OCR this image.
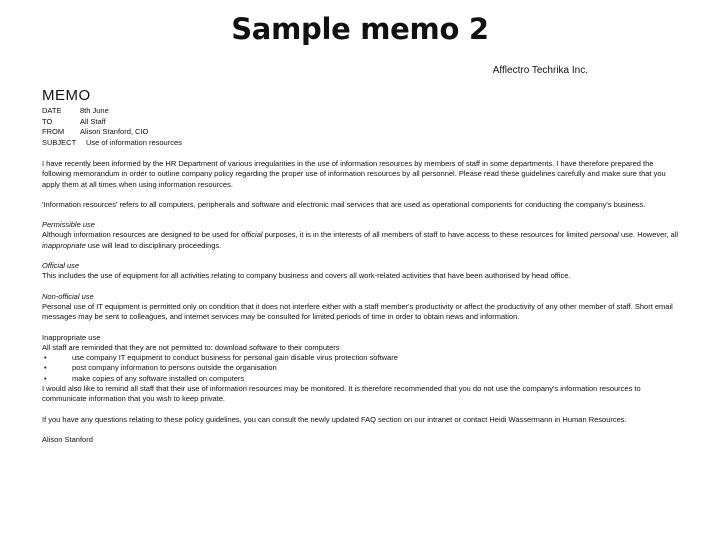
Sample memo 2
Afflectro Techrika Inc.
MEMO
DATE	8th June
TO	All Staff
FROM	Alison Stanford, CIO
SUBJECT	Use of information resources

I have recently been informed by the HR Department of various irregularities in the use of information resources by members of staff in some departments. I have therefore prepared the following memorandum in order to outline company policy regarding the proper use of information resources by all personnel. Please read these guidelines carefully and make sure that you apply them at all times when using information resources.

'Information resources' refers to all computers, peripherals and software and electronic mail services that are used as operational components for conducting the company's business.

Permissible use
Although information resources are designed to be used for official purposes, it is in the interests of all members of staff to have access to these resources for limited personal use. However, all inappropriate use will lead to disciplinary proceedings.
Official use
This includes the use of equipment for all activities relating to company business and covers all work-related activities that have been authorised by head office.
Non-official use
Personal use of IT equipment is permitted only on condition that it does not interfere either with a staff member's productivity or affect the productivity of any other member of staff. Short email messages may be sent to colleagues, and internet services may be consulted for limited periods of time in order to obtain news and information.
Inappropriate use
All staff are reminded that they are not permitted to: download software to their computers
•	use company IT equipment to conduct business for personal gain disable virus protection software
•	post company information to persons outside the organisation
•	make copies of any software installed on computers
I would also like to remind all staff that their use of information resources may be monitored. It is therefore recommended that you do not use the company's information resources to communicate information that you wish to keep private.

If you have any questions relating to these policy guidelines, you can consult the newly updated FAQ section on our intranet or contact Heidi Wassermann in Human Resources.

Alison Stanford
